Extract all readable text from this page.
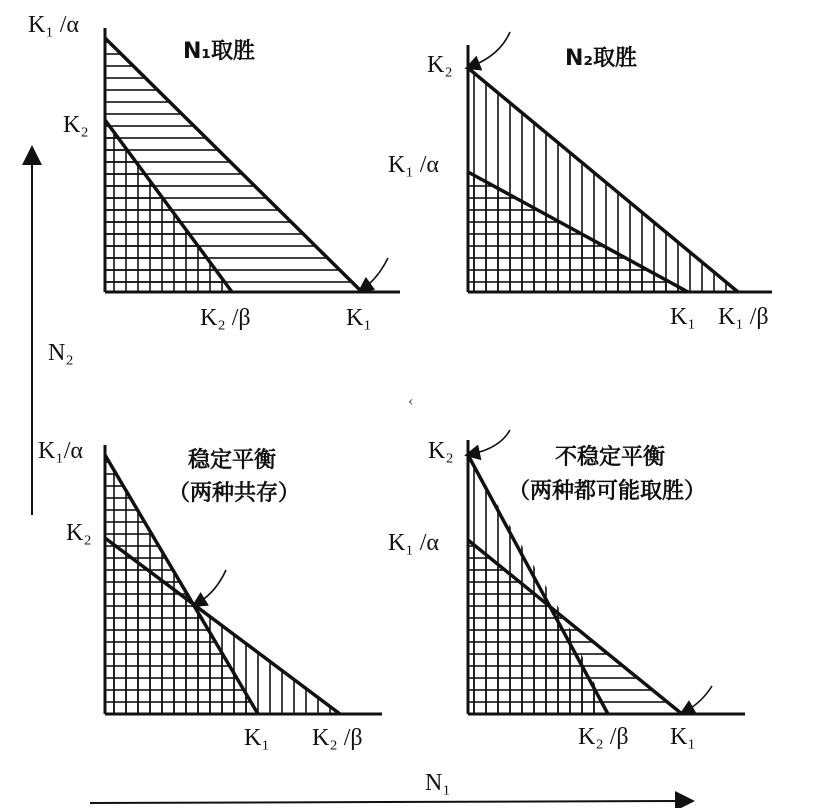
N₂
N₁
N₁取胜
K₁ /α
K₂
K₂ /β	K₁
N₂取胜
K₂
K₁ /α
K₁ K₁ /β
稳定平衡
（两种共存）
K₁/α
K₂
K₁ K₂ /β
不稳定平衡
（两种都可能取胜）
K₂
K₁ /α
K₂ /β K₁
‹
